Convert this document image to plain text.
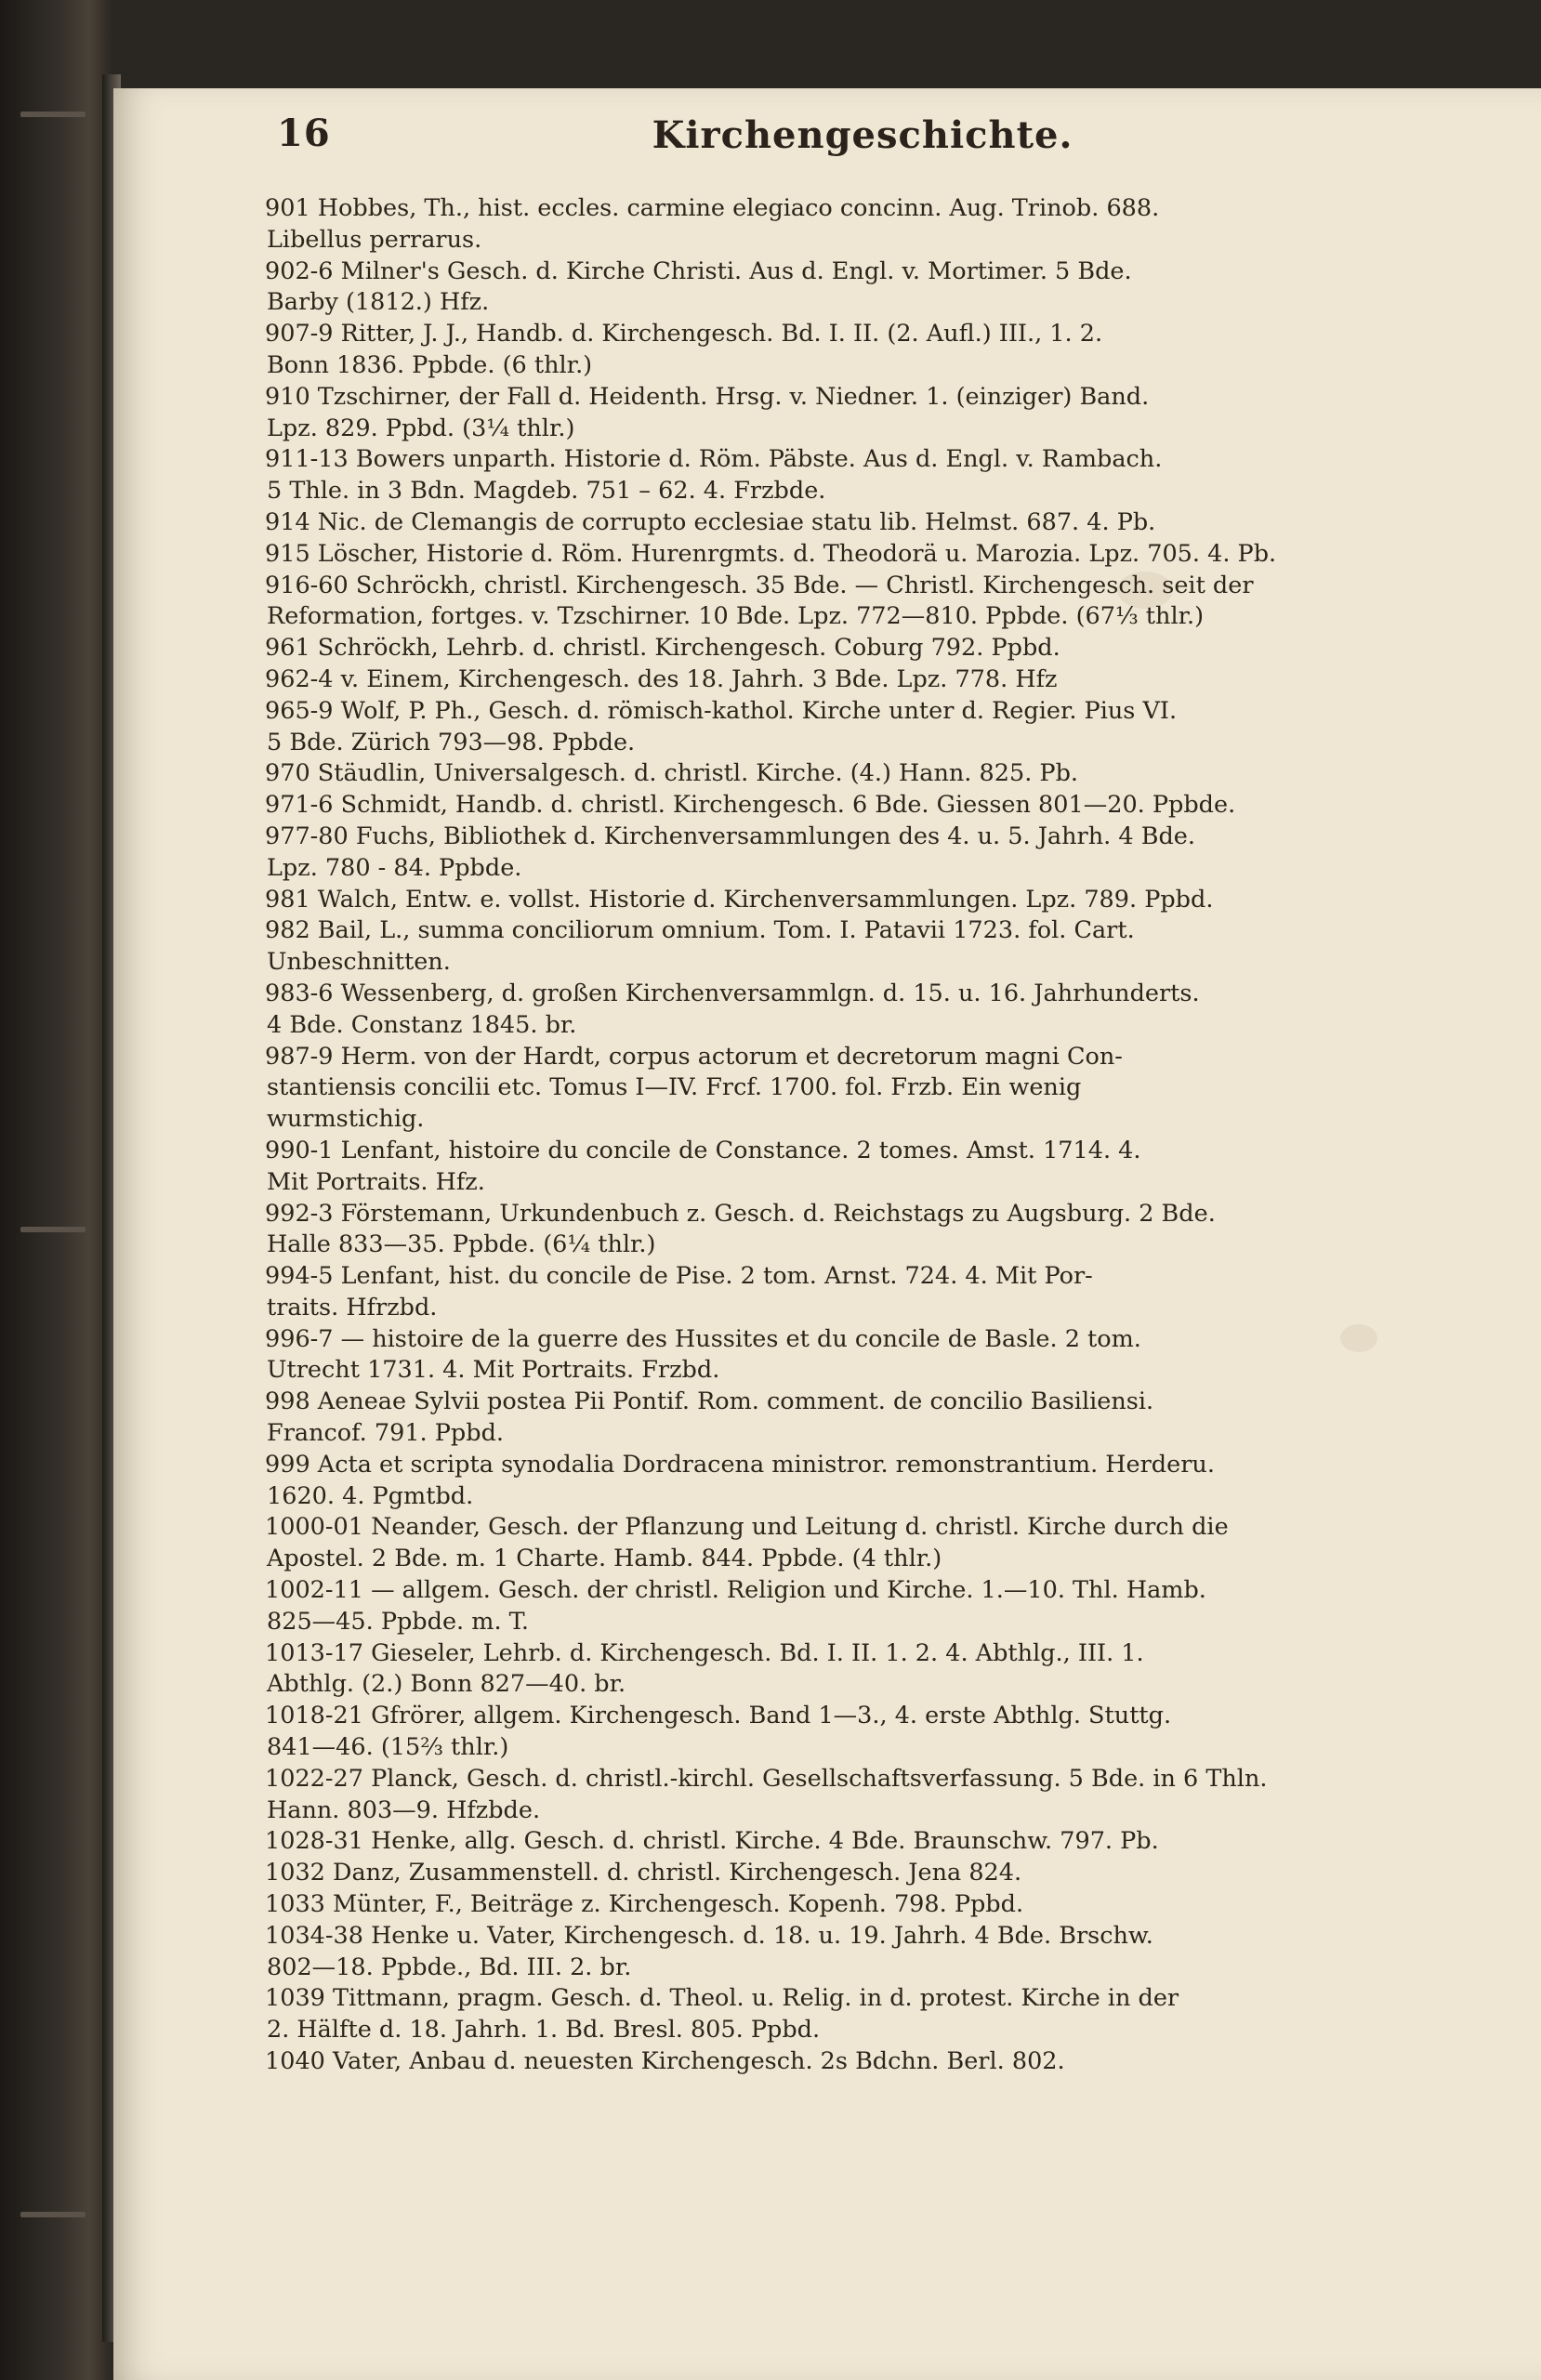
16	Kirchengeschichte.
901 Hobbes, Th., hist. eccles. carmine elegiaco concinn. Aug. Trinob. 688.
Libellus perrarus.
902-6 Milner's Gesch. d. Kirche Christi. Aus d. Engl. v. Mortimer. 5 Bde.
Barby (1812.) Hfz.
907-9 Ritter, J. J., Handb. d. Kirchengesch. Bd. I. II. (2. Aufl.) III., 1. 2.
Bonn 1836. Ppbde. (6 thlr.)
910 Tzschirner, der Fall d. Heidenth. Hrsg. v. Niedner. 1. (einziger) Band.
Lpz. 829. Ppbd. (3¼ thlr.)
911-13 Bowers unparth. Historie d. Röm. Päbste. Aus d. Engl. v. Rambach.
5 Thle. in 3 Bdn. Magdeb. 751 – 62. 4. Frzbde.
914 Nic. de Clemangis de corrupto ecclesiae statu lib. Helmst. 687. 4. Pb.
915 Löscher, Historie d. Röm. Hurenrgmts. d. Theodorä u. Marozia. Lpz. 705. 4. Pb.
916-60 Schröckh, christl. Kirchengesch. 35 Bde. — Christl. Kirchengesch. seit der
Reformation, fortges. v. Tzschirner. 10 Bde. Lpz. 772—810. Ppbde. (67⅓ thlr.)
961 Schröckh, Lehrb. d. christl. Kirchengesch. Coburg 792. Ppbd.
962-4 v. Einem, Kirchengesch. des 18. Jahrh. 3 Bde. Lpz. 778. Hfz
965-9 Wolf, P. Ph., Gesch. d. römisch-kathol. Kirche unter d. Regier. Pius VI.
5 Bde. Zürich 793—98. Ppbde.
970 Stäudlin, Universalgesch. d. christl. Kirche. (4.) Hann. 825. Pb.
971-6 Schmidt, Handb. d. christl. Kirchengesch. 6 Bde. Giessen 801—20. Ppbde.
977-80 Fuchs, Bibliothek d. Kirchenversammlungen des 4. u. 5. Jahrh. 4 Bde.
Lpz. 780 - 84. Ppbde.
981 Walch, Entw. e. vollst. Historie d. Kirchenversammlungen. Lpz. 789. Ppbd.
982 Bail, L., summa conciliorum omnium. Tom. I. Patavii 1723. fol. Cart.
Unbeschnitten.
983-6 Wessenberg, d. großen Kirchenversammlgn. d. 15. u. 16. Jahrhunderts.
4 Bde. Constanz 1845. br.
987-9 Herm. von der Hardt, corpus actorum et decretorum magni Con-
stantiensis concilii etc. Tomus I—IV. Frcf. 1700. fol. Frzb. Ein wenig
wurmstichig.
990-1 Lenfant, histoire du concile de Constance. 2 tomes. Amst. 1714. 4.
Mit Portraits. Hfz.
992-3 Förstemann, Urkundenbuch z. Gesch. d. Reichstags zu Augsburg. 2 Bde.
Halle 833—35. Ppbde. (6¼ thlr.)
994-5 Lenfant, hist. du concile de Pise. 2 tom. Arnst. 724. 4. Mit Por-
traits. Hfrzbd.
996-7 — histoire de la guerre des Hussites et du concile de Basle. 2 tom.
Utrecht 1731. 4. Mit Portraits. Frzbd.
998 Aeneae Sylvii postea Pii Pontif. Rom. comment. de concilio Basiliensi.
Francof. 791. Ppbd.
999 Acta et scripta synodalia Dordracena ministror. remonstrantium. Herderu.
1620. 4. Pgmtbd.
1000-01 Neander, Gesch. der Pflanzung und Leitung d. christl. Kirche durch die
Apostel. 2 Bde. m. 1 Charte. Hamb. 844. Ppbde. (4 thlr.)
1002-11 — allgem. Gesch. der christl. Religion und Kirche. 1.—10. Thl. Hamb.
825—45. Ppbde. m. T.
1013-17 Gieseler, Lehrb. d. Kirchengesch. Bd. I. II. 1. 2. 4. Abthlg., III. 1.
Abthlg. (2.) Bonn 827—40. br.
1018-21 Gfrörer, allgem. Kirchengesch. Band 1—3., 4. erste Abthlg. Stuttg.
841—46. (15⅔ thlr.)
1022-27 Planck, Gesch. d. christl.-kirchl. Gesellschaftsverfassung. 5 Bde. in 6 Thln.
Hann. 803—9. Hfzbde.
1028-31 Henke, allg. Gesch. d. christl. Kirche. 4 Bde. Braunschw. 797. Pb.
1032 Danz, Zusammenstell. d. christl. Kirchengesch. Jena 824.
1033 Münter, F., Beiträge z. Kirchengesch. Kopenh. 798. Ppbd.
1034-38 Henke u. Vater, Kirchengesch. d. 18. u. 19. Jahrh. 4 Bde. Brschw.
802—18. Ppbde., Bd. III. 2. br.
1039 Tittmann, pragm. Gesch. d. Theol. u. Relig. in d. protest. Kirche in der
2. Hälfte d. 18. Jahrh. 1. Bd. Bresl. 805. Ppbd.
1040 Vater, Anbau d. neuesten Kirchengesch. 2s Bdchn. Berl. 802.
